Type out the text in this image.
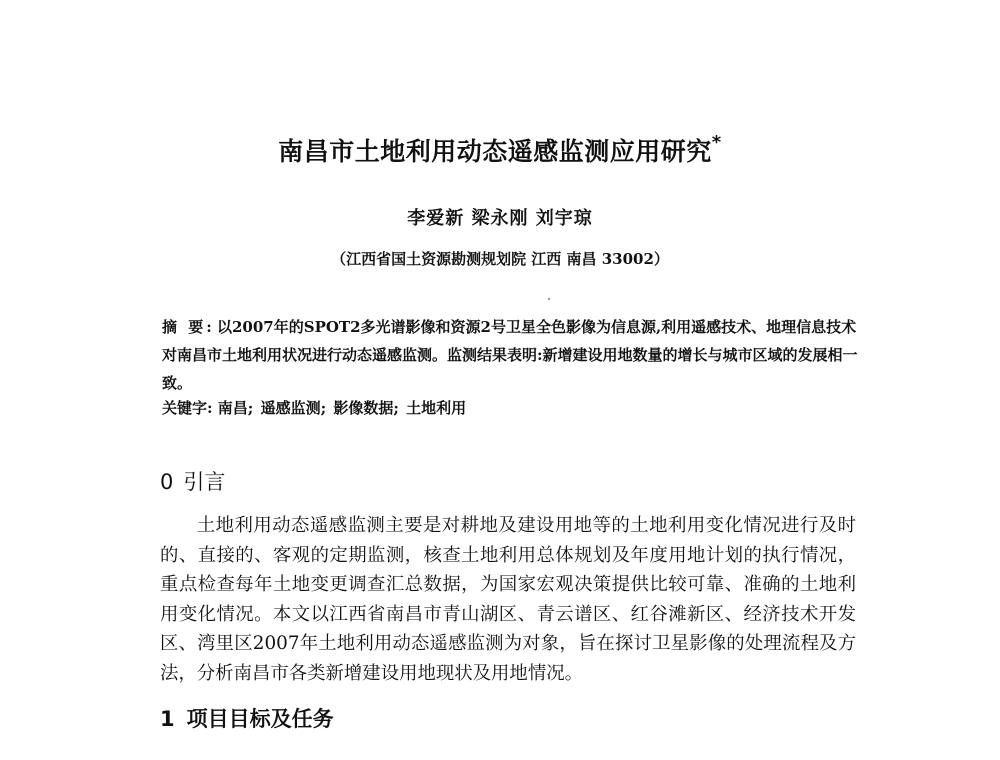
南昌市土地利用动态遥感监测应用研究*
李爱新 梁永刚 刘宇琼
（江西省国土资源勘测规划院 江西 南昌 33002）
摘 要: 以2007年的SPOT2多光谱影像和资源2号卫星全色影像为信息源,利用遥感技术、地理信息技术对南昌市土地利用状况进行动态遥感监测。监测结果表明:新增建设用地数量的增长与城市区域的发展相一致。
关键字: 南昌; 遥感监测; 影像数据; 土地利用
0 引言
土地利用动态遥感监测主要是对耕地及建设用地等的土地利用变化情况进行及时的、直接的、客观的定期监测，核查土地利用总体规划及年度用地计划的执行情况，重点检查每年土地变更调查汇总数据，为国家宏观决策提供比较可靠、准确的土地利用变化情况。本文以江西省南昌市青山湖区、青云谱区、红谷滩新区、经济技术开发区、湾里区2007年土地利用动态遥感监测为对象，旨在探讨卫星影像的处理流程及方法，分析南昌市各类新增建设用地现状及用地情况。
1 项目目标及任务
